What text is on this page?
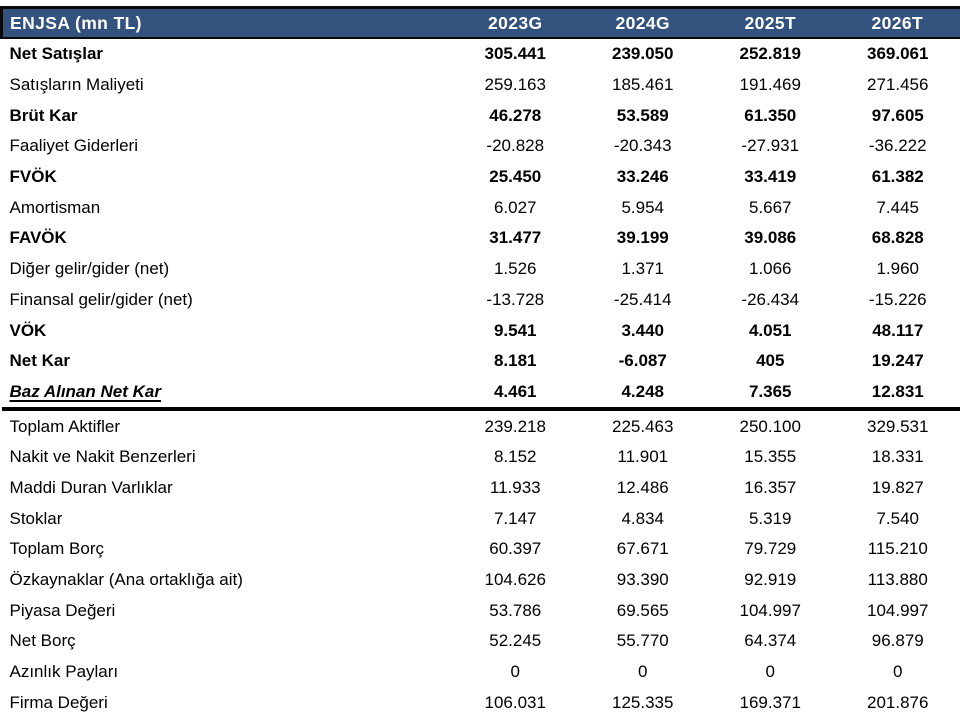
ENJSA (mn TL)	2023G	2024G	2025T	2026T
Net Satışlar	305.441	239.050	252.819	369.061
Satışların Maliyeti	259.163	185.461	191.469	271.456
Brüt Kar	46.278	53.589	61.350	97.605
Faaliyet Giderleri	-20.828	-20.343	-27.931	-36.222
FVÖK	25.450	33.246	33.419	61.382
Amortisman	6.027	5.954	5.667	7.445
FAVÖK	31.477	39.199	39.086	68.828
Diğer gelir/gider (net)	1.526	1.371	1.066	1.960
Finansal gelir/gider (net)	-13.728	-25.414	-26.434	-15.226
VÖK	9.541	3.440	4.051	48.117
Net Kar	8.181	-6.087	405	19.247
Baz Alınan Net Kar	4.461	4.248	7.365	12.831
Toplam Aktifler	239.218	225.463	250.100	329.531
Nakit ve Nakit Benzerleri	8.152	11.901	15.355	18.331
Maddi Duran Varlıklar	11.933	12.486	16.357	19.827
Stoklar	7.147	4.834	5.319	7.540
Toplam Borç	60.397	67.671	79.729	115.210
Özkaynaklar (Ana ortaklığa ait)	104.626	93.390	92.919	113.880
Piyasa Değeri	53.786	69.565	104.997	104.997
Net Borç	52.245	55.770	64.374	96.879
Azınlık Payları	0	0	0	0
Firma Değeri	106.031	125.335	169.371	201.876
